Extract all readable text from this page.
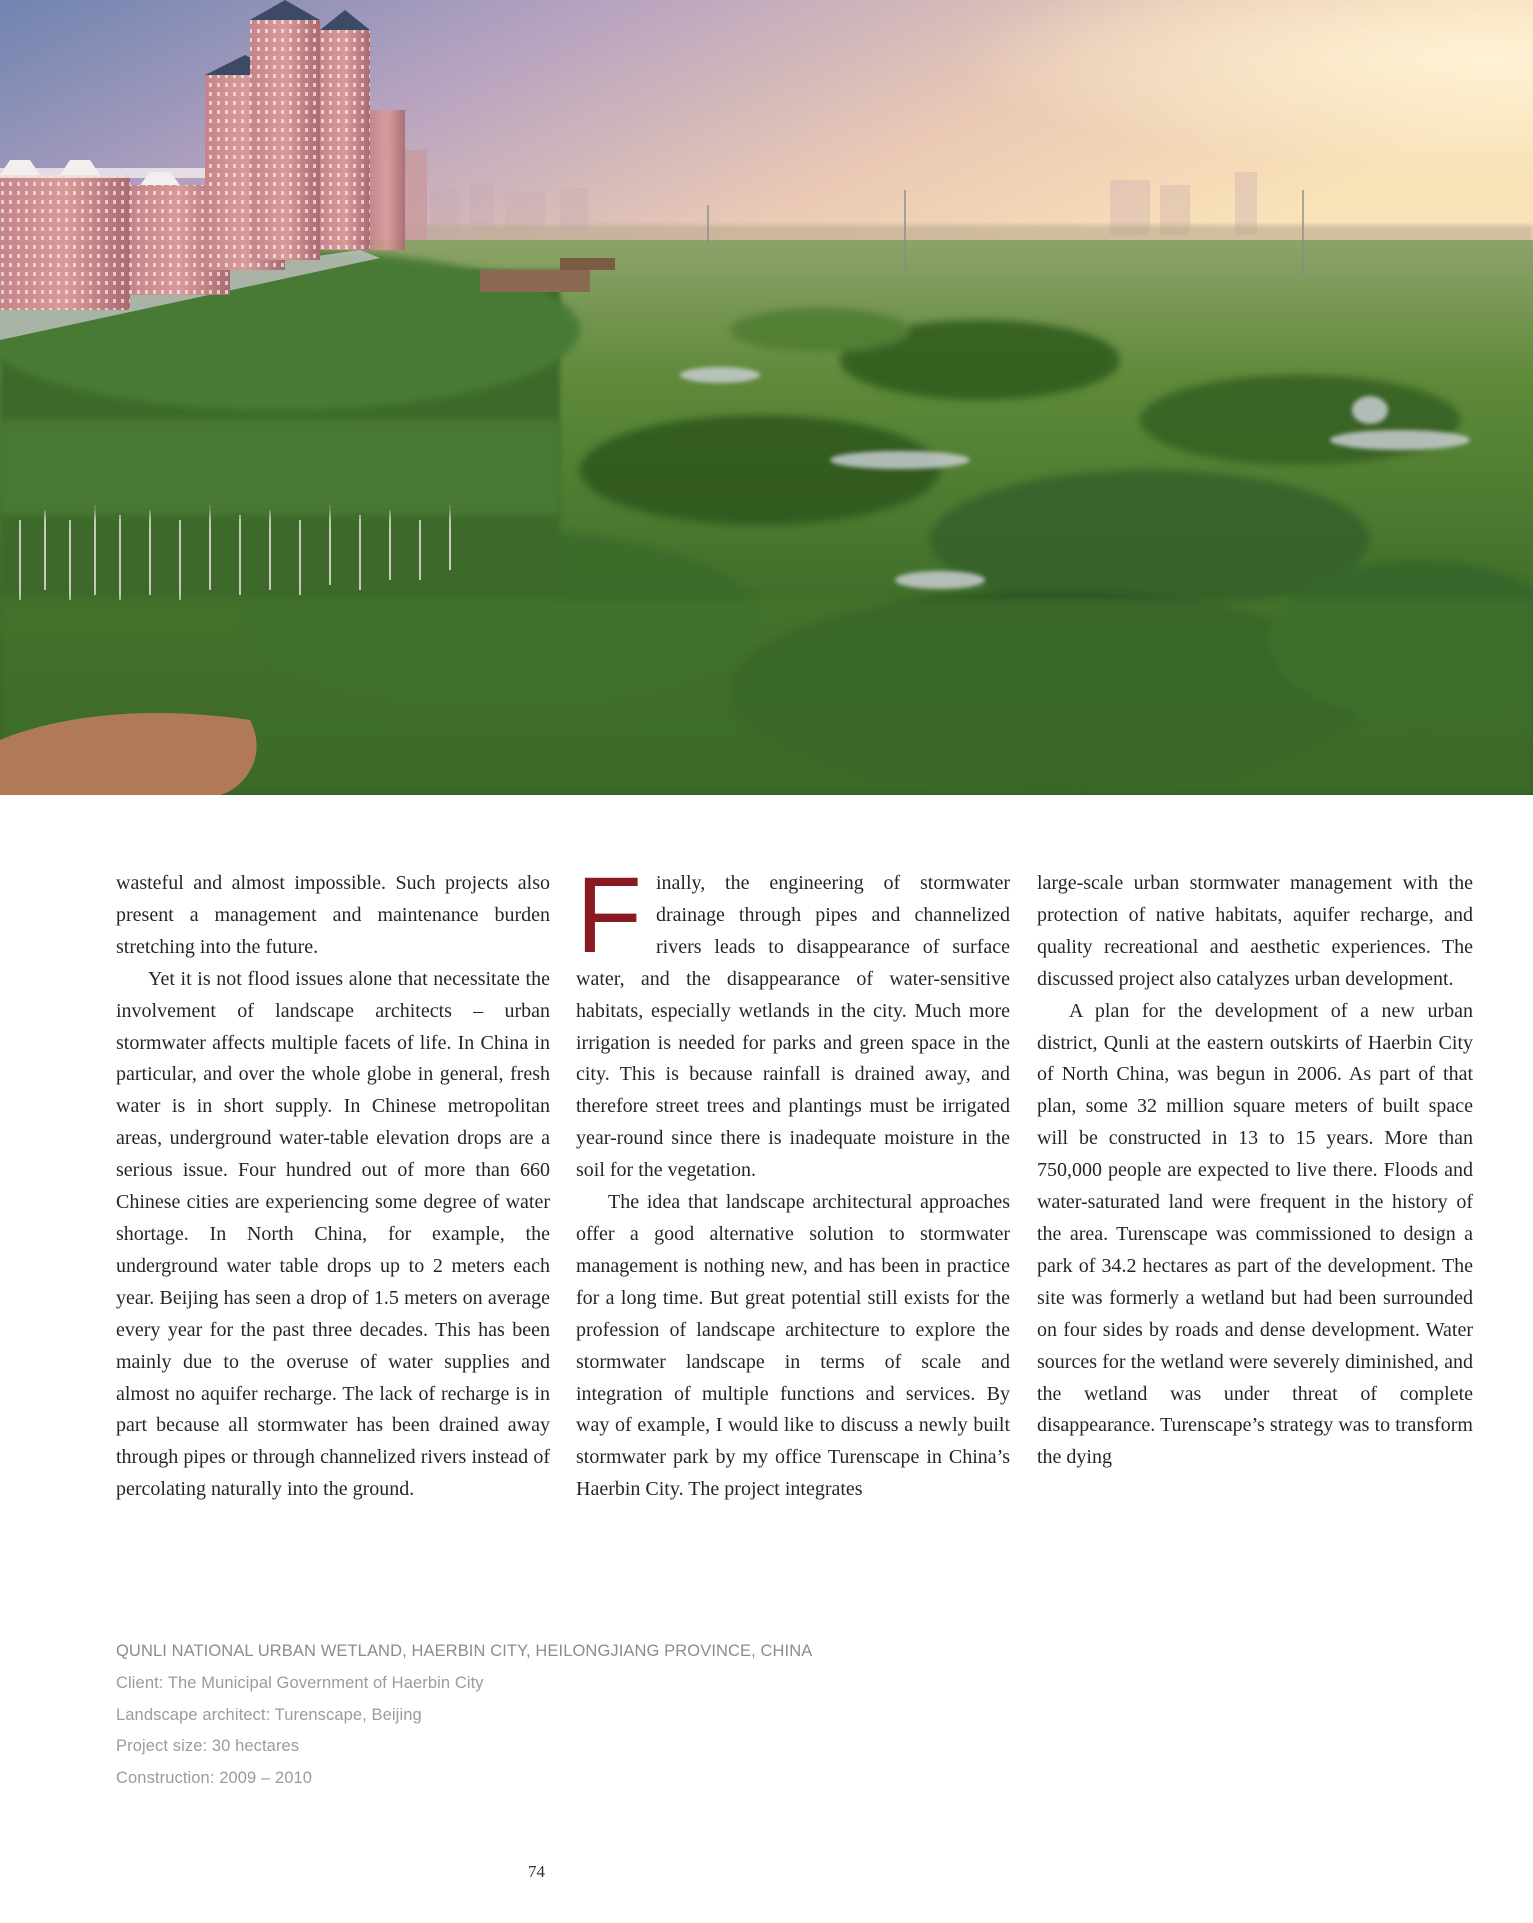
wasteful and almost impossible. Such projects also present a management and maintenance burden stretching into the future.

Yet it is not flood issues alone that necessitate the involvement of landscape architects – urban stormwater affects multiple facets of life. In China in particular, and over the whole globe in general, fresh water is in short supply. In Chinese metropolitan areas, underground water-table elevation drops are a serious issue. Four hundred out of more than 660 Chinese cities are experiencing some degree of water shortage. In North China, for example, the underground water table drops up to 2 meters each year. Beijing has seen a drop of 1.5 meters on average every year for the past three decades. This has been mainly due to the overuse of water supplies and almost no aquifer recharge. The lack of recharge is in part because all stormwater has been drained away through pipes or through channelized rivers instead of percolating naturally into the ground.

Finally, the engineering of stormwater drainage through pipes and channelized rivers leads to disappearance of surface water, and the disappearance of water-sensitive habitats, especially wetlands in the city. Much more irrigation is needed for parks and green space in the city. This is because rainfall is drained away, and therefore street trees and plantings must be irrigated year-round since there is inadequate moisture in the soil for the vegetation.

The idea that landscape architectural approaches offer a good alternative solution to stormwater management is nothing new, and has been in practice for a long time. But great potential still exists for the profession of landscape architecture to explore the stormwater landscape in terms of scale and integration of multiple functions and services. By way of example, I would like to discuss a newly built stormwater park by my office Turenscape in China’s Haerbin City. The project integrates

large-scale urban stormwater management with the protection of native habitats, aquifer recharge, and quality recreational and aesthetic experiences. The discussed project also catalyzes urban development.

A plan for the development of a new urban district, Qunli at the eastern outskirts of Haerbin City of North China, was begun in 2006. As part of that plan, some 32 million square meters of built space will be constructed in 13 to 15 years. More than 750,000 people are expected to live there. Floods and water-saturated land were frequent in the history of the area. Turenscape was commissioned to design a park of 34.2 hectares as part of the development. The site was formerly a wetland but had been surrounded on four sides by roads and dense development. Water sources for the wetland were severely diminished, and the wetland was under threat of complete disappearance. Turenscape’s strategy was to transform the dying

QUNLI NATIONAL URBAN WETLAND, HAERBIN CITY, HEILONGJIANG PROVINCE, CHINA
Client: The Municipal Government of Haerbin City
Landscape architect: Turenscape, Beijing
Project size: 30 hectares
Construction: 2009 – 2010
74
